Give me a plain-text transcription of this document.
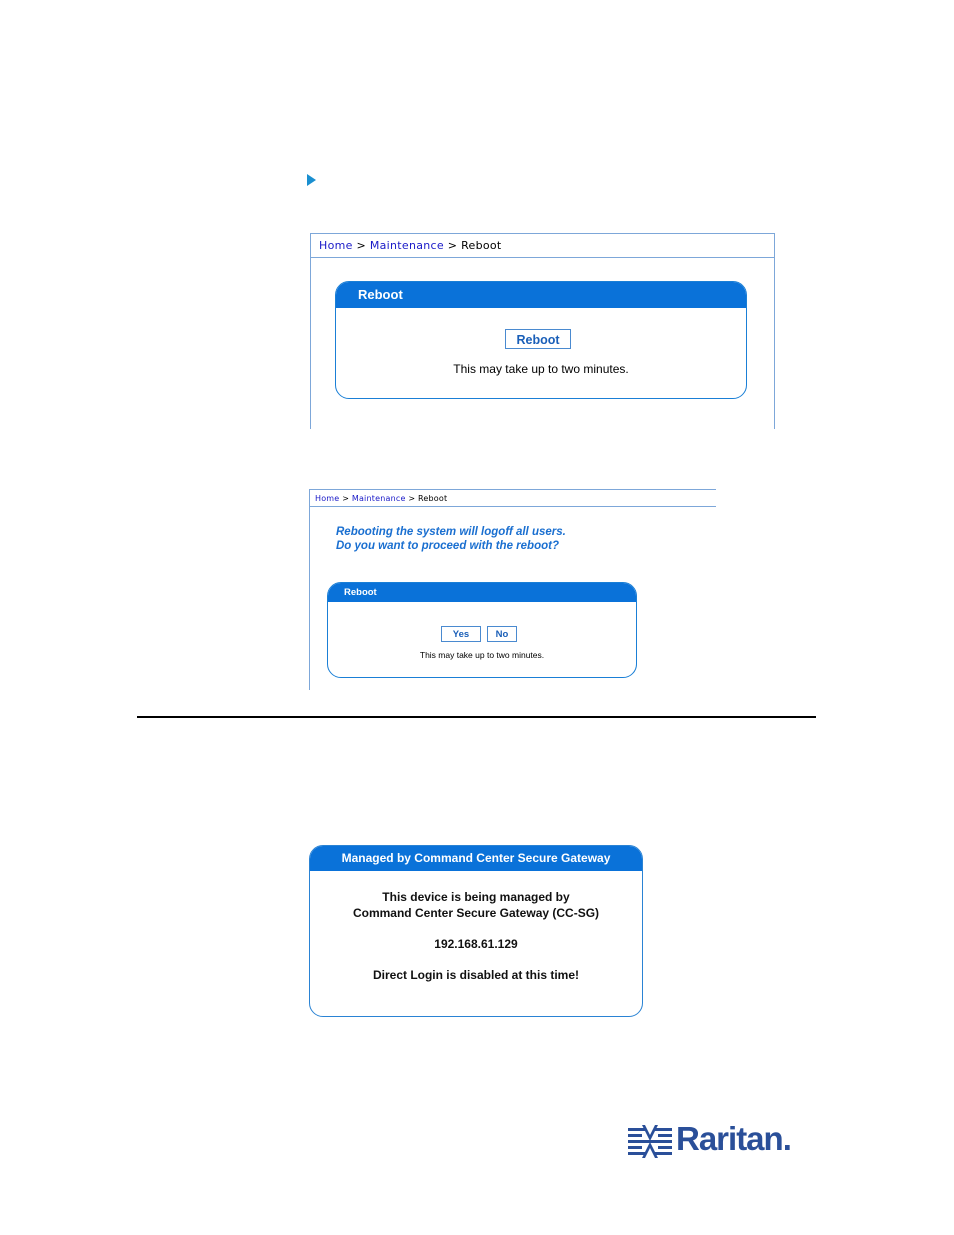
Home > Maintenance > Reboot
Reboot
Reboot
This may take up to two minutes.
Home > Maintenance > Reboot
Rebooting the system will logoff all users.
Do you want to proceed with the reboot?
Reboot
Yes	No
This may take up to two minutes.
Managed by Command Center Secure Gateway
This device is being managed by
Command Center Secure Gateway (CC-SG)
192.168.61.129
Direct Login is disabled at this time!
Raritan.
